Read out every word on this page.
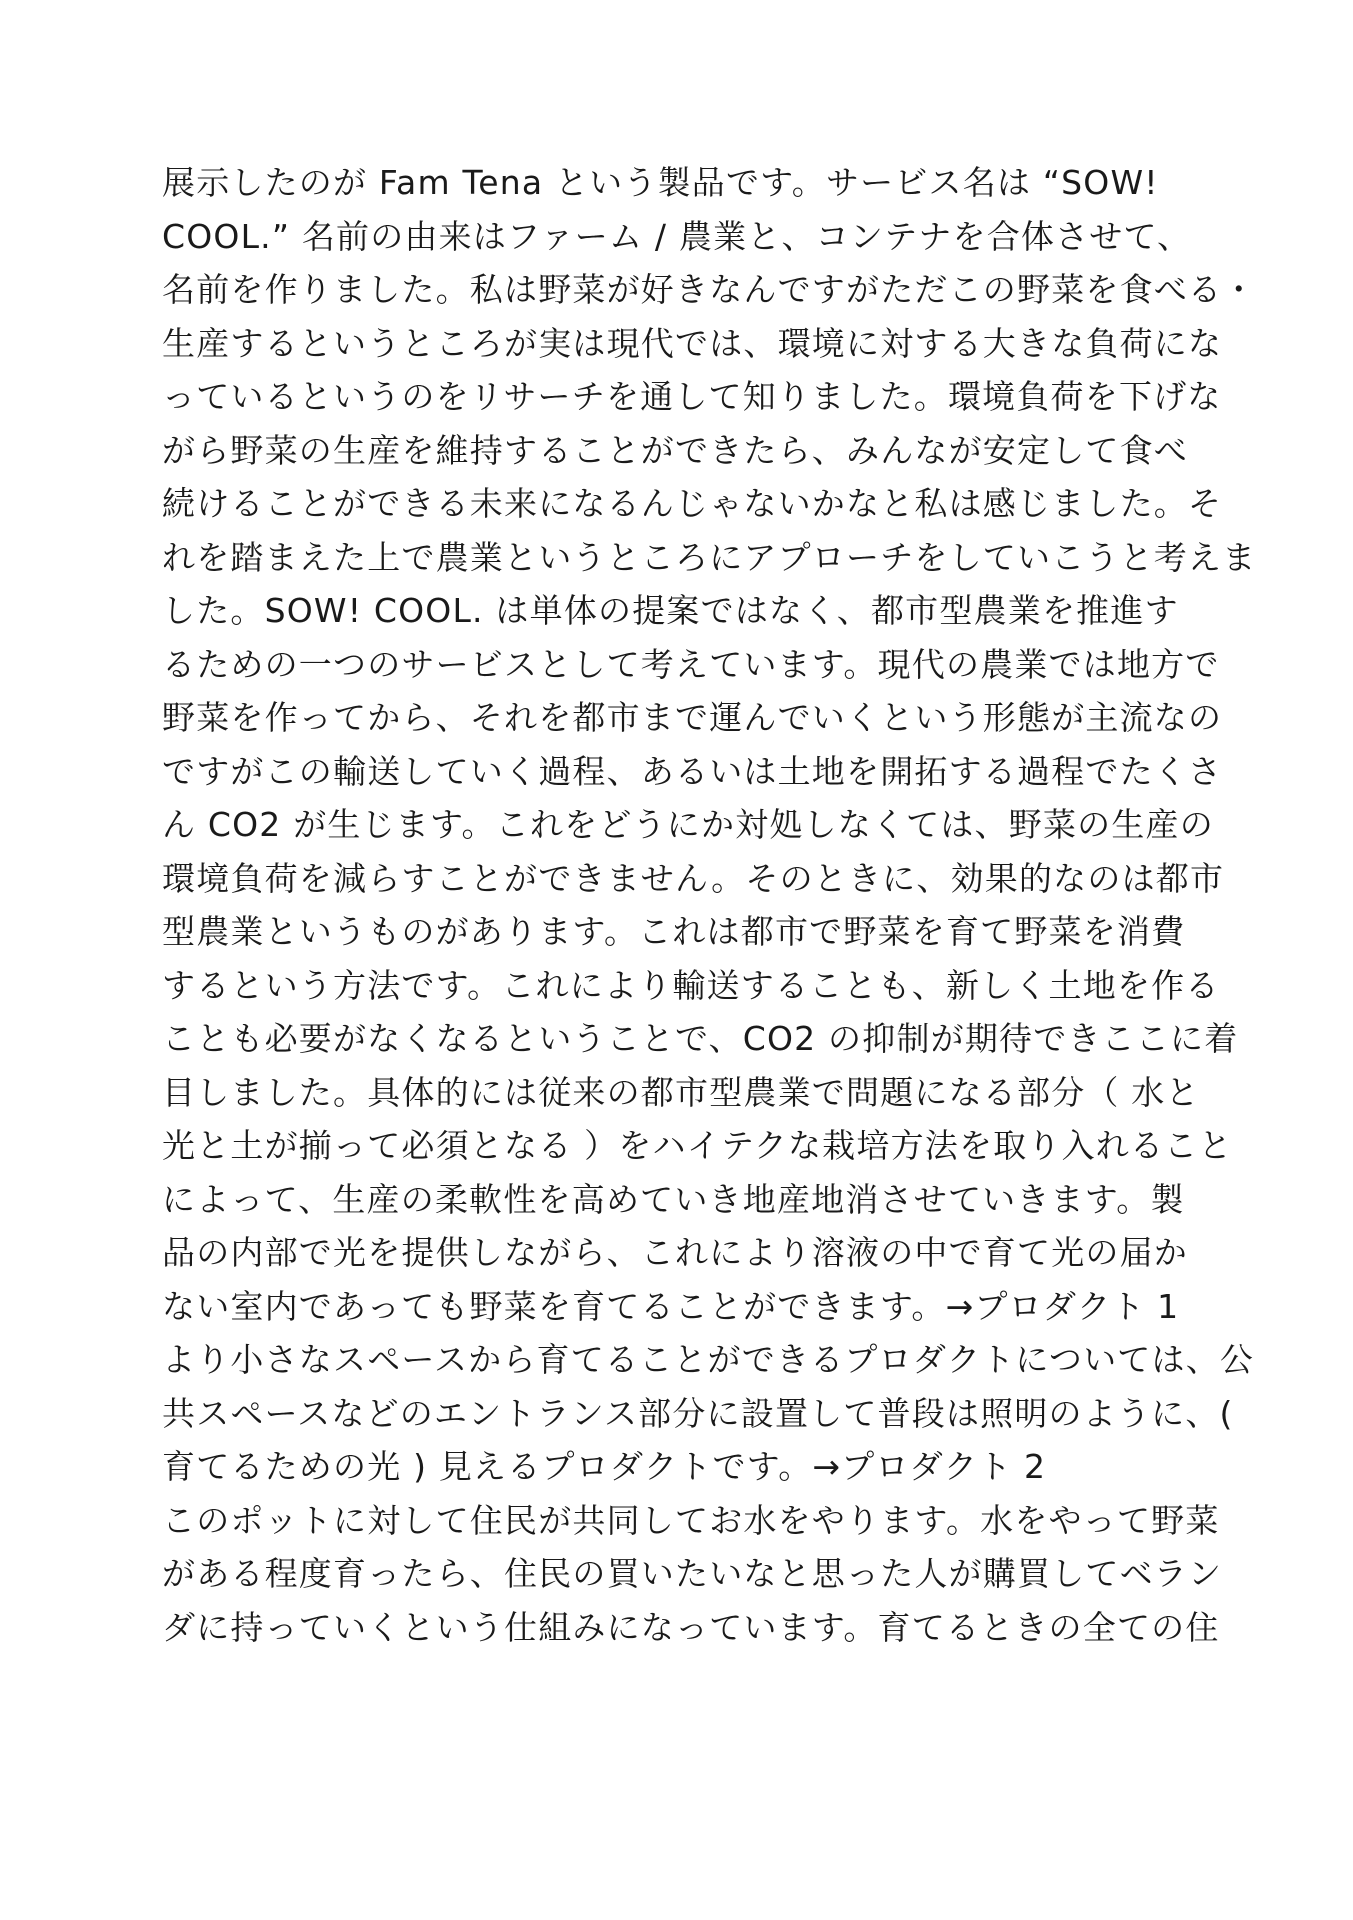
展示したのが Fam Tena という製品です。サービス名は “SOW!
COOL.” 名前の由来はファーム / 農業と、コンテナを合体させて、
名前を作りました。私は野菜が好きなんですがただこの野菜を食べる・
生産するというところが実は現代では、環境に対する大きな負荷にな
っているというのをリサーチを通して知りました。環境負荷を下げな
がら野菜の生産を維持することができたら、みんなが安定して食べ
続けることができる未来になるんじゃないかなと私は感じました。そ
れを踏まえた上で農業というところにアプローチをしていこうと考えま
した。SOW! COOL. は単体の提案ではなく、都市型農業を推進す
るための一つのサービスとして考えています。現代の農業では地方で
野菜を作ってから、それを都市まで運んでいくという形態が主流なの
ですがこの輸送していく過程、あるいは土地を開拓する過程でたくさ
ん CO2 が生じます。これをどうにか対処しなくては、野菜の生産の
環境負荷を減らすことができません。そのときに、効果的なのは都市
型農業というものがあります。これは都市で野菜を育て野菜を消費
するという方法です。これにより輸送することも、新しく土地を作る
ことも必要がなくなるということで、CO2 の抑制が期待できここに着
目しました。具体的には従来の都市型農業で問題になる部分（ 水と
光と土が揃って必須となる ）をハイテクな栽培方法を取り入れること
によって、生産の柔軟性を高めていき地産地消させていきます。製
品の内部で光を提供しながら、これにより溶液の中で育て光の届か
ない室内であっても野菜を育てることができます。→プロダクト 1
より小さなスペースから育てることができるプロダクトについては、公
共スペースなどのエントランス部分に設置して普段は照明のように、(
育てるための光 ) 見えるプロダクトです。→プロダクト 2
このポットに対して住民が共同してお水をやります。水をやって野菜
がある程度育ったら、住民の買いたいなと思った人が購買してベラン
ダに持っていくという仕組みになっています。育てるときの全ての住
